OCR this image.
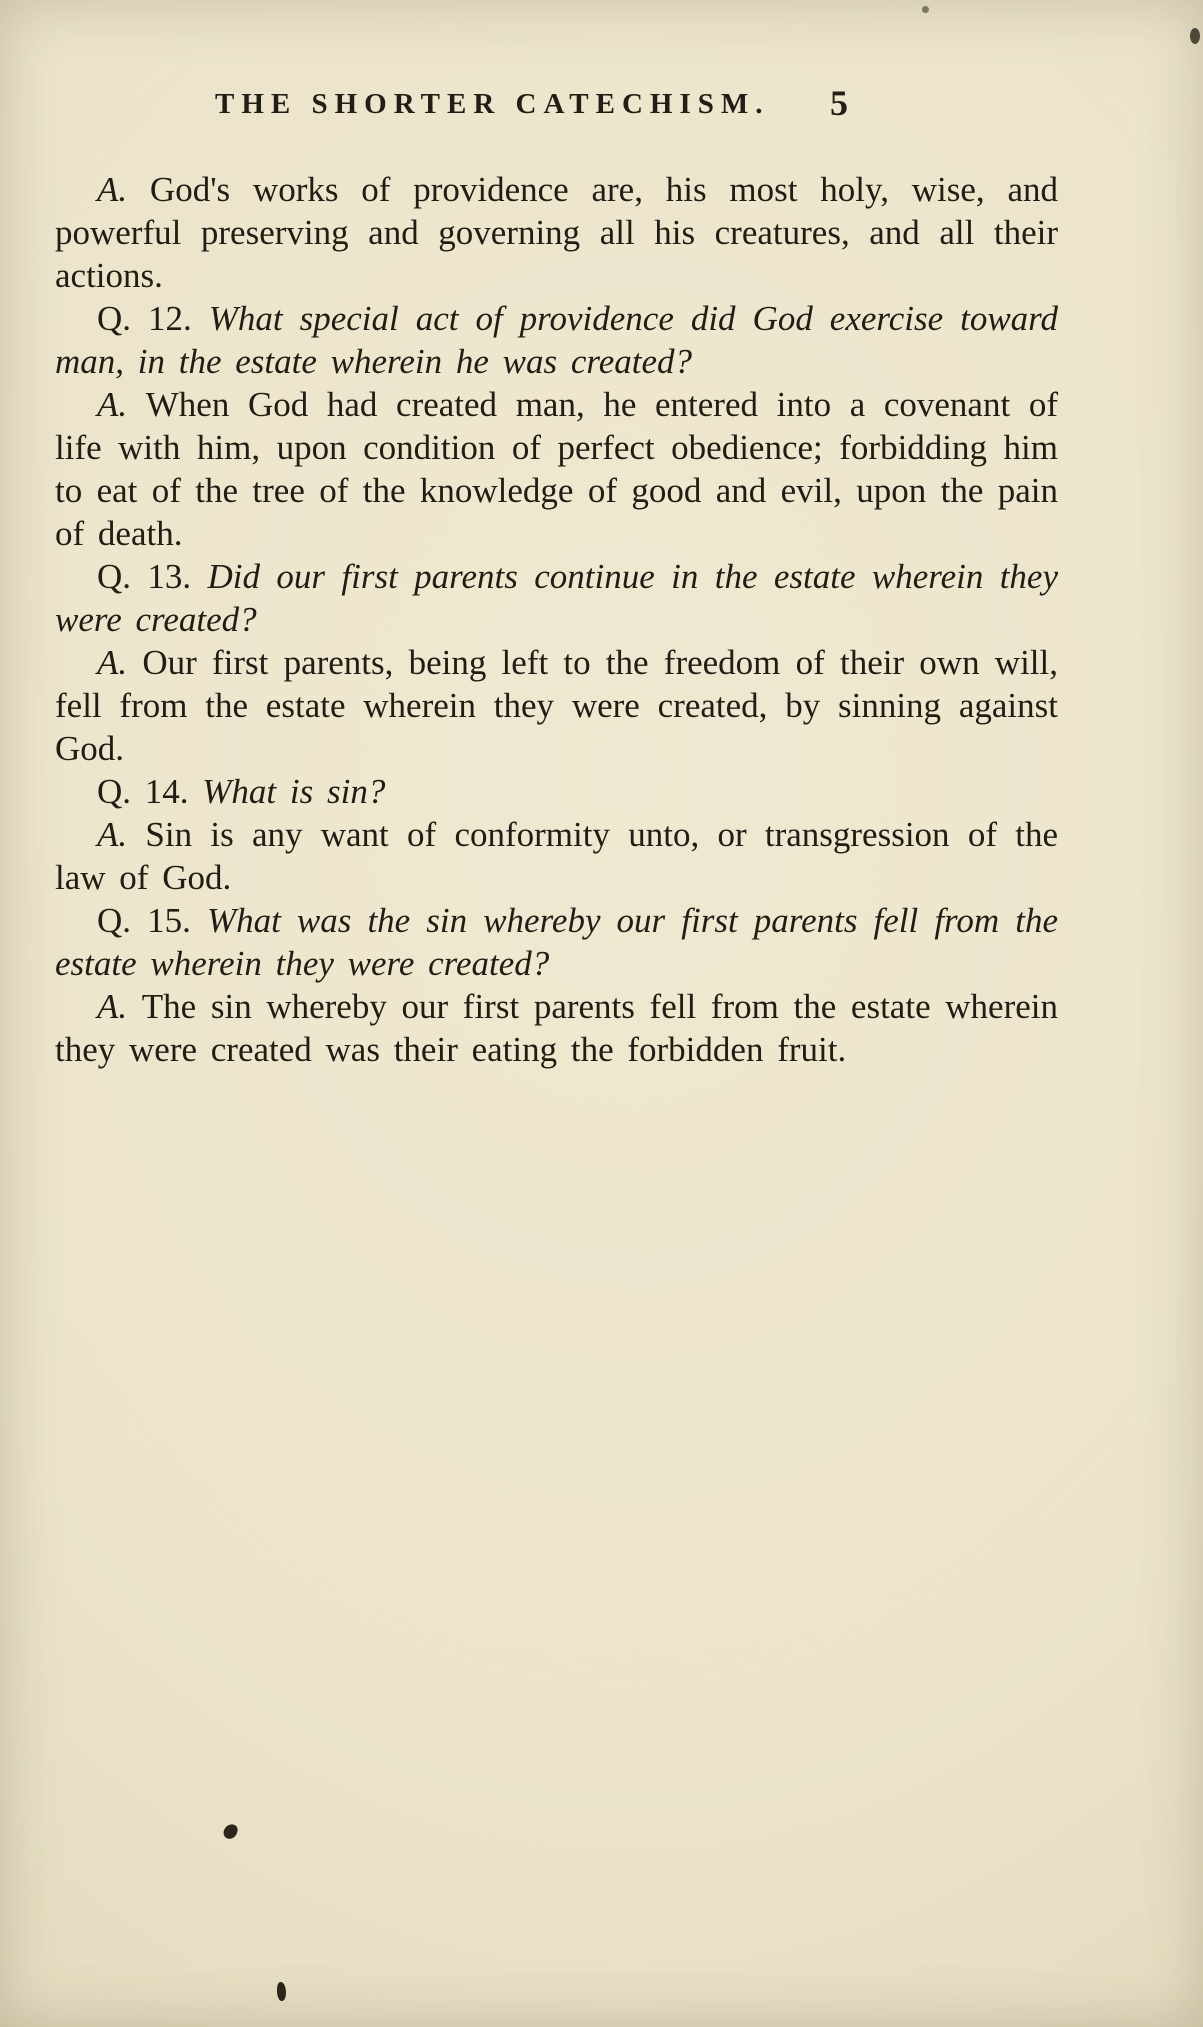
THE SHORTER CATECHISM. 5

A. God's works of providence are, his most holy, wise, and powerful preserving and governing all his creatures, and all their actions.

Q. 12. What special act of providence did God exercise toward man, in the estate wherein he was created?

A. When God had created man, he entered into a covenant of life with him, upon condition of perfect obedience; forbidding him to eat of the tree of the knowledge of good and evil, upon the pain of death.

Q. 13. Did our first parents continue in the estate wherein they were created?

A. Our first parents, being left to the freedom of their own will, fell from the estate wherein they were created, by sinning against God.

Q. 14. What is sin?

A. Sin is any want of conformity unto, or transgression of the law of God.

Q. 15. What was the sin whereby our first parents fell from the estate wherein they were created?

A. The sin whereby our first parents fell from the estate wherein they were created was their eating the forbidden fruit.
